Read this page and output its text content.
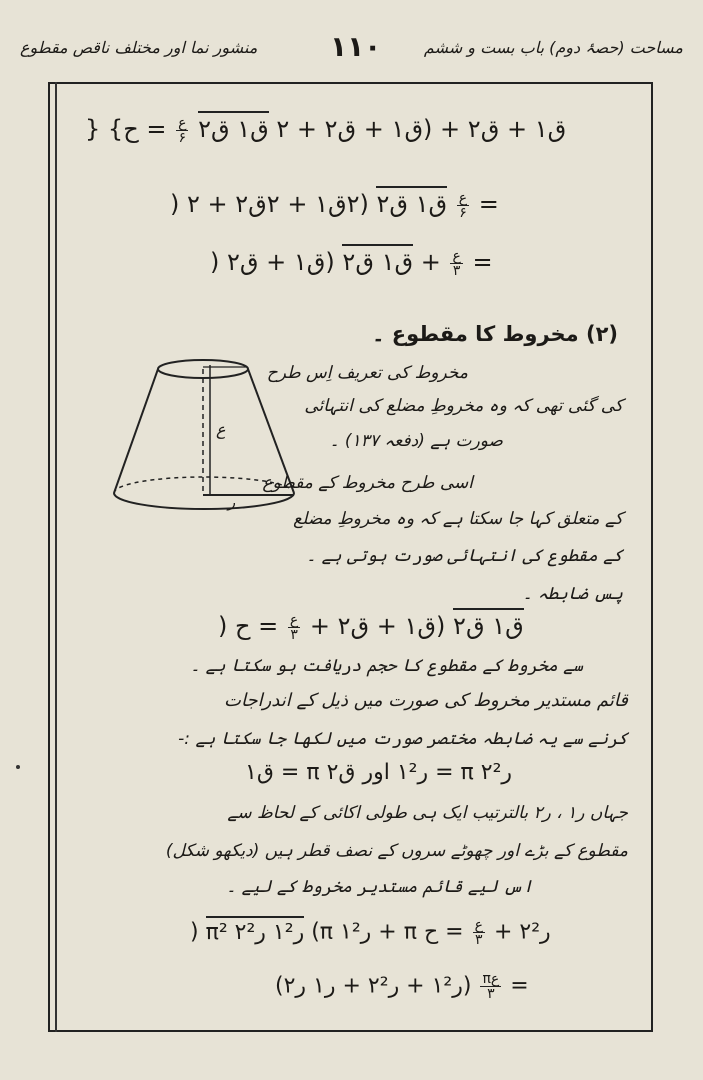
منشور نما اور مختلف ناقص مقطوع	۱۱۰	مساحت (حصۂ دوم) باب بست و ششم
} {ق۱ + ق۲ + (ق۱ + ق۲ + ۲ ق۱ ق۲
$\frac{\text{ع}}{۶}$
= ح
)	ق۱ ق۲ (۲ق۱ + ۲ق۲ + ۲	$\frac{\text{ع}}{۶}$ =
)	ق۱ ق۲ (ق۱ + ق۲ + $\frac{\text{ع}}{۳}$ =
(۲) مخروط کا مقطوع ۔
ع
ر
مخروط کی تعریف اِس طرح
کی گئی تھی کہ وہ مخروطِ مضلع کی انتہائی
صورت ہے (دفعہ ۱۳۷) ۔
اسی طرح مخروط کے مقطوع
کے متعلق کہا جا سکتا ہے کہ وہ مخروطِ مضلع
کے مقطوع کی انتہائی صورت ہوتی ہے ۔
پس ضابطہ ۔
)	ق۱ ق۲ (ق۱ + ق۲ +
$\frac{\text{ع}}{۳}$
= ح
سے مخروط کے مقطوع کا حجم دریافت ہو سکتا ہے ۔
قائم مستدیر مخروط کی صورت میں ذیل کے اندراجات
کرنے سے یہ ضابطہ مختصر صورت میں لکھا جا سکتا ہے :-
ق۱ = π ر۱² اور ق۲ = π ر۲²
جہاں ر۱ ، ر۲ بالترتیب ایک ہی طولی اکائی کے لحاظ سے
مقطوع کے بڑے اور چھوٹے سروں کے نصف قطر ہیں (دیکھو شکل)
اس لیے قائم مستدیر مخروط کے لیے ۔
) π² ر۱² ر۲² (π ر۱² + π ر۲² +
$\frac{\text{ع}}{۳}$
= ح
(ر۱² + ر۲² + ر۱ ر۲) $\frac{\text{πع}}{۳}$ =
